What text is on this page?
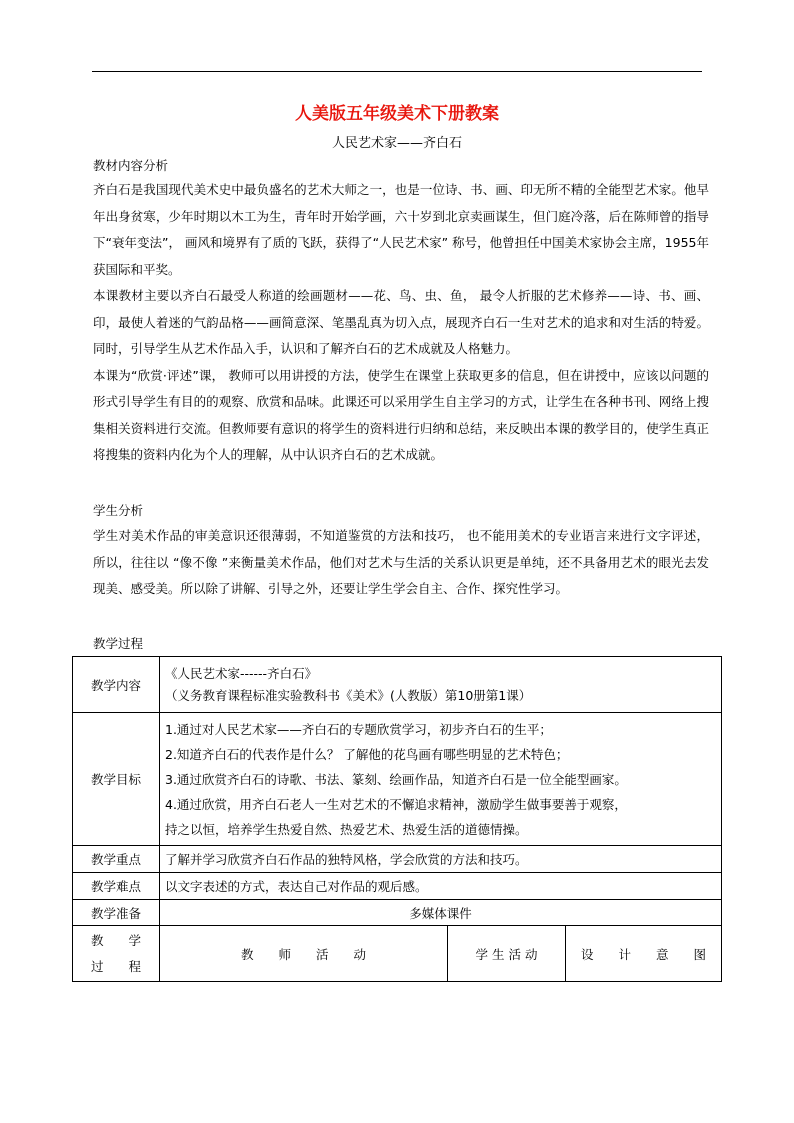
人美版五年级美术下册教案
人民艺术家——齐白石
教材内容分析

齐白石是我国现代美术史中最负盛名的艺术大师之一，也是一位诗、书、画、印无所不精的全能型艺术家。他早年出身贫寒，少年时期以木工为生，青年时开始学画，六十岁到北京卖画谋生，但门庭冷落，后在陈师曾的指导下“衰年变法”， 画风和境界有了质的飞跃，获得了“人民艺术家” 称号，他曾担任中国美术家协会主席，1955年获国际和平奖。

本课教材主要以齐白石最受人称道的绘画题材——花、鸟、虫、鱼， 最令人折服的艺术修养——诗、书、画、印，最使人着迷的气韵品格——画简意深、笔墨乱真为切入点，展现齐白石一生对艺术的追求和对生活的特爱。同时，引导学生从艺术作品入手，认识和了解齐白石的艺术成就及人格魅力。

本课为“欣赏·评述”课， 教师可以用讲授的方法，使学生在课堂上获取更多的信息，但在讲授中，应该以问题的形式引导学生有目的的观察、欣赏和品味。此课还可以采用学生自主学习的方式，让学生在各种书刊、网络上搜集相关资料进行交流。但教师要有意识的将学生的资料进行归纳和总结，来反映出本课的教学目的，使学生真正将搜集的资料内化为个人的理解，从中认识齐白石的艺术成就。

学生分析

学生对美术作品的审美意识还很薄弱，不知道鉴赏的方法和技巧， 也不能用美术的专业语言来进行文字评述，所以，往往以 “像不像 ”来衡量美术作品，他们对艺术与生活的关系认识更是单纯，还不具备用艺术的眼光去发现美、感受美。所以除了讲解、引导之外，还要让学生学会自主、合作、探究性学习。

教学过程
教学内容	《人民艺术家------齐白石》
（义务教育课程标准实验教科书《美术》(人教版）第10册第1课）		

教学目标	1.通过对人民艺术家——齐白石的专题欣赏学习，初步齐白石的生平；
2.知道齐白石的代表作是什么？ 了解他的花鸟画有哪些明显的艺术特色；
3.通过欣赏齐白石的诗歌、书法、篆刻、绘画作品，知道齐白石是一位全能型画家。
4.通过欣赏，用齐白石老人一生对艺术的不懈追求精神，激励学生做事要善于观察，
持之以恒，培养学生热爱自然、热爱艺术、热爱生活的道德情操。		

教学重点	了解并学习欣赏齐白石作品的独特风格，学会欣赏的方法和技巧。		
教学难点	以文字表述的方式，表达自己对作品的观后感。		
教学准备	多媒体课件		

教　　学
过　　程	教　　师　　活　　动	学 生 活 动	设　　计　　意　　图
